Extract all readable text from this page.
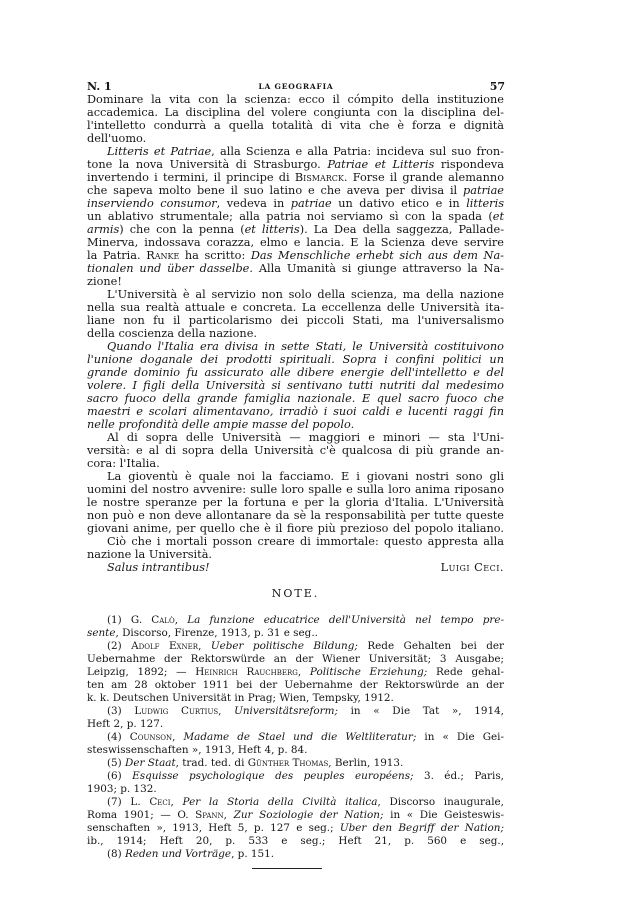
N. 1	LA GEOGRAFIA	57
Dominare la vita con la scienza: ecco il cómpito della instituzione
accademica. La disciplina del volere congiunta con la disciplina del-
l'intelletto condurrà a quella totalità di vita che è forza e dignità
dell'uomo.
Litteris et Patriae, alla Scienza e alla Patria: incideva sul suo fron-
tone la nova Università di Strasburgo. Patriae et Litteris rispondeva
invertendo i termini, il principe di Bismarck. Forse il grande alemanno
che sapeva molto bene il suo latino e che aveva per divisa il patriae
inserviendo consumor, vedeva in patriae un dativo etico e in litteris
un ablativo strumentale; alla patria noi serviamo sì con la spada (et
armis) che con la penna (et litteris). La Dea della saggezza, Pallade-
Minerva, indossava corazza, elmo e lancia. E la Scienza deve servire
la Patria. Ranke ha scritto: Das Menschliche erhebt sich aus dem Na-
tionalen und über dasselbe. Alla Umanità si giunge attraverso la Na-
zione!
L'Università è al servizio non solo della scienza, ma della nazione
nella sua realtà attuale e concreta. La eccellenza delle Università ita-
liane non fu il particolarismo dei piccoli Stati, ma l'universalismo
della coscienza della nazione.
Quando l'Italia era divisa in sette Stati, le Università costituivono
l'unione doganale dei prodotti spirituali. Sopra i confini politici un
grande dominio fu assicurato alle dibere energie dell'intelletto e del
volere. I figli della Università si sentivano tutti nutriti dal medesimo
sacro fuoco della grande famiglia nazionale. E quel sacro fuoco che
maestri e scolari alimentavano, irradiò i suoi caldi e lucenti raggi fin
nelle profondità delle ampie masse del popolo.
Al di sopra delle Università — maggiori e minori — sta l'Uni-
versità: e al di sopra della Università c'è qualcosa di più grande an-
cora: l'Italia.
La gioventù è quale noi la facciamo. E i giovani nostri sono gli
uomini del nostro avvenire: sulle loro spalle e sulla loro anima riposano
le nostre speranze per la fortuna e per la gloria d'Italia. L'Università
non può e non deve allontanare da sè la responsabilità per tutte queste
giovani anime, per quello che è il fiore più prezioso del popolo italiano.
Ciò che i mortali posson creare di immortale: questo appresta alla
nazione la Università.
Salus intrantibus!	Luigi Ceci.
NOTE.
(1) G. Calò, La funzione educatrice dell'Università nel tempo pre-
sente, Discorso, Firenze, 1913, p. 31 e seg..
(2) Adolf Exner, Ueber politische Bildung; Rede Gehalten bei der
Uebernahme der Rektorswürde an der Wiener Universität; 3 Ausgabe;
Leipzig, 1892; — Heinrich Rauchberg, Politische Erziehung; Rede gehal-
ten am 28 oktober 1911 bei der Uebernahme der Rektorswürde an der
k. k. Deutschen Universität in Prag; Wien, Tempsky, 1912.
(3) Ludwig Curtius, Universitätsreform; in « Die Tat », 1914,
Heft 2, p. 127.
(4) Counson, Madame de Stael und die Weltliteratur; in « Die Gei-
steswissenschaften », 1913, Heft 4, p. 84.
(5) Der Staat, trad. ted. di Günther Thomas, Berlin, 1913.
(6) Esquisse psychologique des peuples européens; 3. éd.; Paris,
1903; p. 132.
(7) L. Ceci, Per la Storia della Civiltà italica, Discorso inaugurale,
Roma 1901; — O. Spann, Zur Soziologie der Nation; in « Die Geisteswis-
senschaften », 1913, Heft 5, p. 127 e seg.; Uber den Begriff der Nation;
ib., 1914; Heft 20, p. 533 e seg.; Heft 21, p. 560 e seg.,
(8) Reden und Vorträge, p. 151.
